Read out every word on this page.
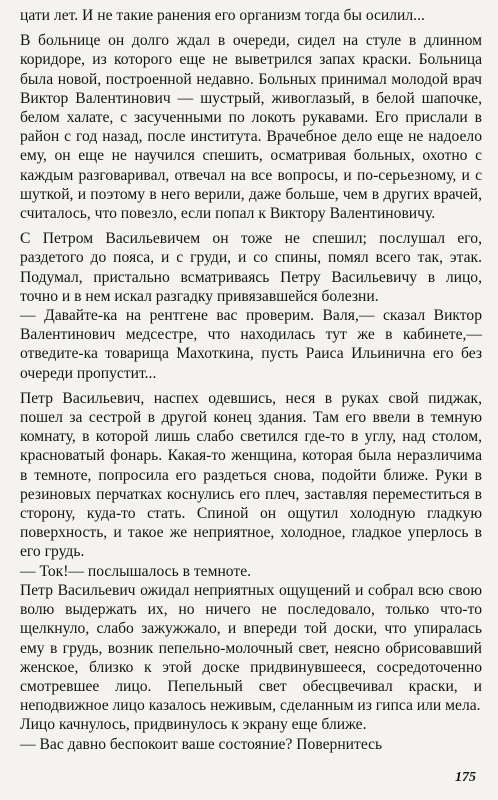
цати лет. И не такие ранения его организм тогда бы осилил...

В больнице он долго ждал в очереди, сидел на стуле в длинном коридоре, из которого еще не выветрился запах краски. Больница была новой, построенной недавно. Больных принимал молодой врач Виктор Валентинович — шустрый, живоглазый, в белой шапочке, белом халате, с засученными по локоть рукавами. Его прислали в район с год назад, после института. Врачебное дело еще не надоело ему, он еще не научился спешить, осматривая больных, охотно с каждым разговаривал, отвечал на все вопросы, и по-серьезному, и с шуткой, и поэтому в него верили, даже больше, чем в других врачей, считалось, что повезло, если попал к Виктору Валентиновичу.

С Петром Васильевичем он тоже не спешил; послушал его, раздетого до пояса, и с груди, и со спины, помял всего так, этак. Подумал, пристально всматриваясь Петру Васильевичу в лицо, точно и в нем искал разгадку привязавшейся болезни.

— Давайте-ка на рентгене вас проверим. Валя,— сказал Виктор Валентинович медсестре, что находилась тут же в кабинете,— отведите-ка товарища Махоткина, пусть Раиса Ильинична его без очереди пропустит...

Петр Васильевич, наспех одевшись, неся в руках свой пиджак, пошел за сестрой в другой конец здания. Там его ввели в темную комнату, в которой лишь слабо светился где-то в углу, над столом, красноватый фонарь. Какая-то женщина, которая была неразличима в темноте, попросила его раздеться снова, подойти ближе. Руки в резиновых перчатках коснулись его плеч, заставляя переместиться в сторону, куда-то стать. Спиной он ощутил холодную гладкую поверхность, и такое же неприятное, холодное, гладкое уперлось в его грудь.

— Ток!— послышалось в темноте.

Петр Васильевич ожидал неприятных ощущений и собрал всю свою волю выдержать их, но ничего не последовало, только что-то щелкнуло, слабо зажужжало, и впереди той доски, что упиралась ему в грудь, возник пепельно-молочный свет, неясно обрисовавший женское, близко к этой доске придвинувшееся, сосредоточенно смотревшее лицо. Пепельный свет обесцвечивал краски, и неподвижное лицо казалось неживым, сделанным из гипса или мела.

Лицо качнулось, придвинулось к экрану еще ближе.

— Вас давно беспокоит ваше состояние? Повернитесь

175
